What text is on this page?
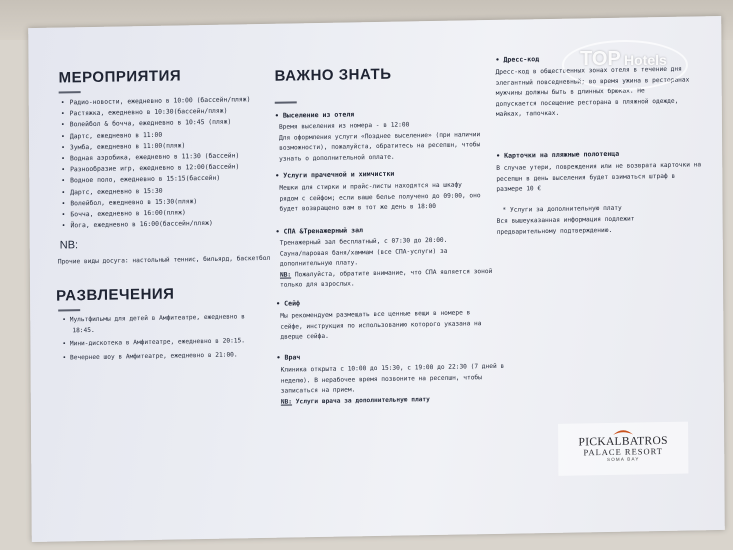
МЕРОПРИЯТИЯ
• Радио-новости, ежедневно в 10:00 (бассейн/пляж)
• Растяжка, ежедневно в 10:30(бассейн/пляж)
• Волейбол & бочча, ежедневно в 10:45 (пляж)
• Дартс, ежедневно в 11:00
• Зумба, ежедневно в 11:00(пляж)
• Водная аэробика, ежедневно в 11:30 (бассейн)
• Разнообразие игр, ежедневно в 12:00(бассейн)
• Водное поло, ежедневно в 15:15(бассейн)
• Дартс, ежедневно в 15:30
• Волейбол, ежедневно в 15:30(пляж)
• Бочча, ежедневно в 16:00(пляж)
• Йога, ежедневно в 16:00(бассейн/пляж)
NB:
Прочие виды досуга: настольный теннис, бильярд, баскетбол
РАЗВЛЕЧЕНИЯ
• Мультфильмы для детей в Амфитеатре, ежедневно в
18:45.
• Мини-дискотека в Амфитеатре, ежедневно в 20:15.
• Вечернее шоу в Амфитеатре, ежедневно в 21:00.
ВАЖНО ЗНАТЬ
• Выселение из отеля
Время выселения из номера - в 12:00
Для оформления услуги «Позднее выселение» (при наличии
возможности), пожалуйста, обратитесь на ресепшн, чтобы
узнать о дополнительной оплате.
• Услуги прачечной и химчистки
Мешки для стирки и прайс-листы находятся на шкафу
рядом с сейфом; если ваше белье получено до 09:00, оно
будет возвращено вам в тот же день в 18:00
• СПА &Тренажерный зал
Тренажерный зал бесплатный, с 07:30 до 20:00.
Сауна/паровая баня/хаммам (все СПА-услуги) за
дополнительную плату.
NB: Пожалуйста, обратите внимание, что СПА является зоной
только для взрослых.
• Сейф
Мы рекомендуем размещать все ценные вещи в номере в
сейфе, инструкция по использованию которого указана на
дверце сейфа.
• Врач
Клиника открыта с 10:00 до 15:30, с 19:00 до 22:30 (7 дней в
неделю). В нерабочее время позвоните на ресепшн, чтобы
записаться на прием.
NB: Услуги врача за дополнительную плату
• Дресс-код
Дресс-код в общественных зонах отеля в течение дня
элегантный повседневный; во время ужина в ресторанах
мужчины должны быть в длинных брюках. Не
допускается посещение ресторана в пляжной одежде,
майках, тапочках.
• Карточки на пляжные полотенца
В случае утери, повреждения или не возврата карточки на
ресепшн в день выселения будет взиматься штраф в
размере 10 €
* Услуги за дополнительную плату
Вся вышеуказанная информация подлежит
предварительному подтверждению.
PICKALBATROS
PALACE RESORT
SOMA BAY
TOP Hotels
